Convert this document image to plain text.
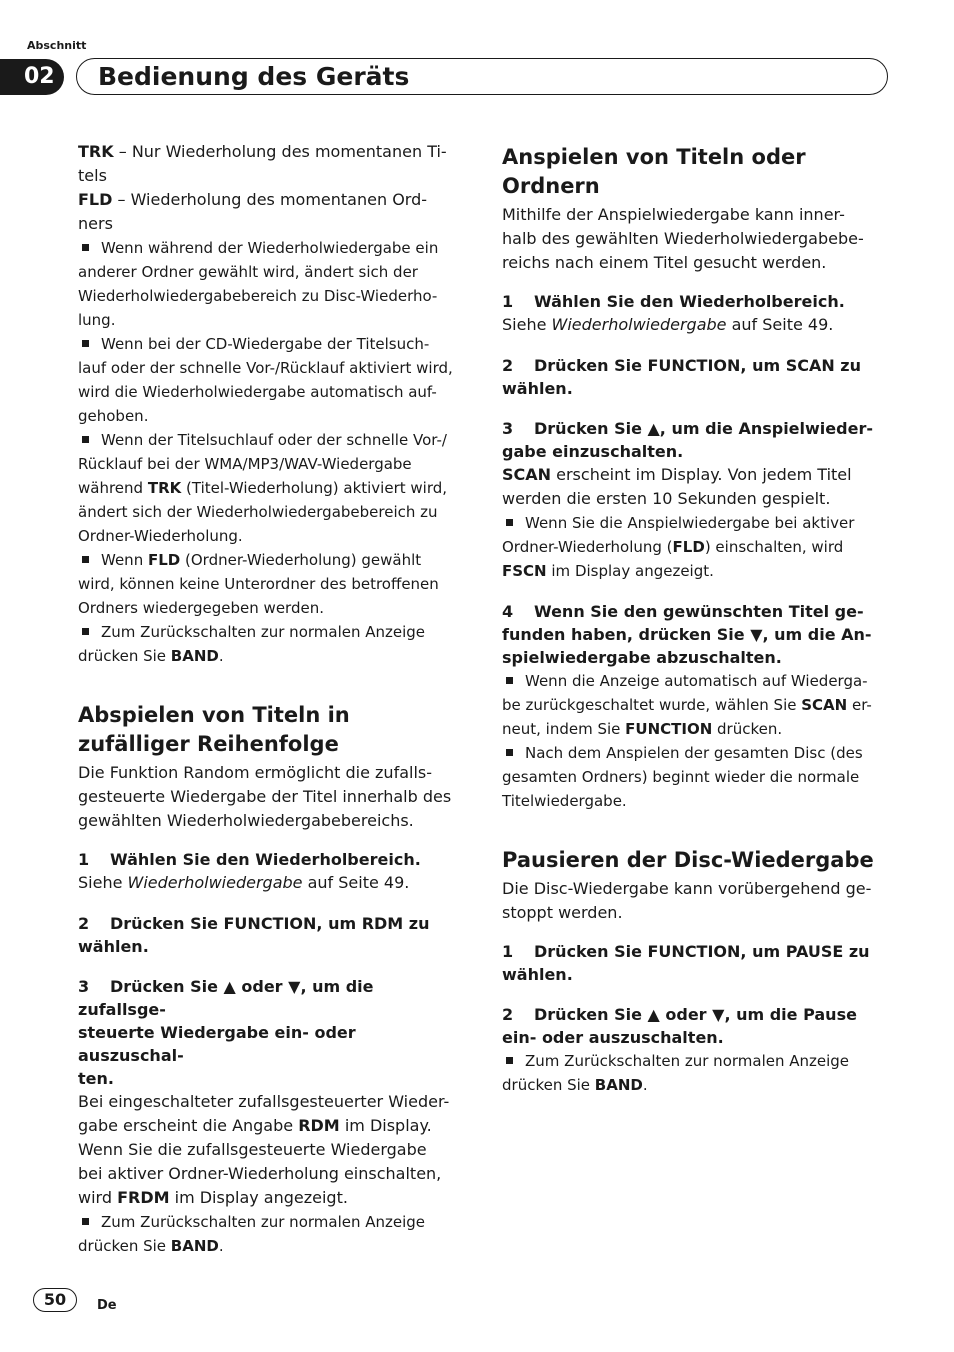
Abschnitt
02	Bedienung des Geräts

TRK – Nur Wiederholung des momentanen Ti-
tels

FLD – Wiederholung des momentanen Ord-
ners

Wenn während der Wiederholwiedergabe ein
anderer Ordner gewählt wird, ändert sich der
Wiederholwiedergabebereich zu Disc-Wiederho-
lung.

Wenn bei der CD-Wiedergabe der Titelsuch-
lauf oder der schnelle Vor-/Rücklauf aktiviert wird,
wird die Wiederholwiedergabe automatisch auf-
gehoben.

Wenn der Titelsuchlauf oder der schnelle Vor-/
Rücklauf bei der WMA/MP3/WAV-Wiedergabe
während TRK (Titel-Wiederholung) aktiviert wird,
ändert sich der Wiederholwiedergabebereich zu
Ordner-Wiederholung.

Wenn FLD (Ordner-Wiederholung) gewählt
wird, können keine Unterordner des betroffenen
Ordners wiedergegeben werden.

Zum Zurückschalten zur normalen Anzeige
drücken Sie BAND.

Abspielen von Titeln in
zufälliger Reihenfolge

Die Funktion Random ermöglicht die zufalls-
gesteuerte Wiedergabe der Titel innerhalb des
gewählten Wiederholwiedergabebereichs.

1 Wählen Sie den Wiederholbereich.

Siehe Wiederholwiedergabe auf Seite 49.

2 Drücken Sie FUNCTION, um RDM zu
wählen.

3 Drücken Sie ▲ oder ▼, um die zufallsge-
steuerte Wiedergabe ein- oder auszuschal-
ten.

Bei eingeschalteter zufallsgesteuerter Wieder-
gabe erscheint die Angabe RDM im Display.
Wenn Sie die zufallsgesteuerte Wiedergabe
bei aktiver Ordner-Wiederholung einschalten,
wird FRDM im Display angezeigt.

Zum Zurückschalten zur normalen Anzeige
drücken Sie BAND.

Anspielen von Titeln oder Ordnern

Mithilfe der Anspielwiedergabe kann inner-
halb des gewählten Wiederholwiedergabebe-
reichs nach einem Titel gesucht werden.

1 Wählen Sie den Wiederholbereich.

Siehe Wiederholwiedergabe auf Seite 49.

2 Drücken Sie FUNCTION, um SCAN zu
wählen.

3 Drücken Sie ▲, um die Anspielwieder-
gabe einzuschalten.

SCAN erscheint im Display. Von jedem Titel
werden die ersten 10 Sekunden gespielt.

Wenn Sie die Anspielwiedergabe bei aktiver
Ordner-Wiederholung (FLD) einschalten, wird
FSCN im Display angezeigt.

4 Wenn Sie den gewünschten Titel ge-
funden haben, drücken Sie ▼, um die An-
spielwiedergabe abzuschalten.

Wenn die Anzeige automatisch auf Wiederga-
be zurückgeschaltet wurde, wählen Sie SCAN er-
neut, indem Sie FUNCTION drücken.

Nach dem Anspielen der gesamten Disc (des
gesamten Ordners) beginnt wieder die normale
Titelwiedergabe.

Pausieren der Disc-Wiedergabe

Die Disc-Wiedergabe kann vorübergehend ge-
stoppt werden.

1 Drücken Sie FUNCTION, um PAUSE zu
wählen.

2 Drücken Sie ▲ oder ▼, um die Pause
ein- oder auszuschalten.

Zum Zurückschalten zur normalen Anzeige
drücken Sie BAND.

50	De
